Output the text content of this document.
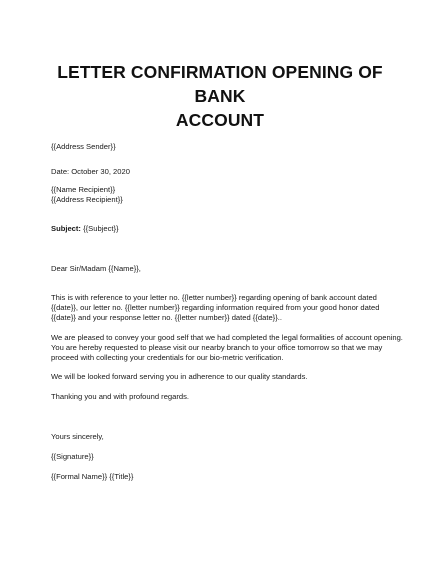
LETTER CONFIRMATION OPENING OF BANK
ACCOUNT
{{Address Sender}}
Date: October 30, 2020
{{Name Recipient}}
{{Address Recipient}}
Subject: {{Subject}}
Dear Sir/Madam {{Name}},
This is with reference to your letter no. {{letter number}} regarding opening of bank account dated
{{date}}, our letter no. {{letter number}} regarding information required from your good honor dated
{{date}} and your response letter no. {{letter number}} dated {{date}}..
We are pleased to convey your good self that we had completed the legal formalities of account opening.
You are hereby requested to please visit our nearby branch to your office tomorrow so that we may
proceed with collecting your credentials for our bio-metric verification.
We will be looked forward serving you in adherence to our quality standards.
Thanking you and with profound regards.
Yours sincerely,
{{Signature}}
{{Formal Name}} {{Title}}
